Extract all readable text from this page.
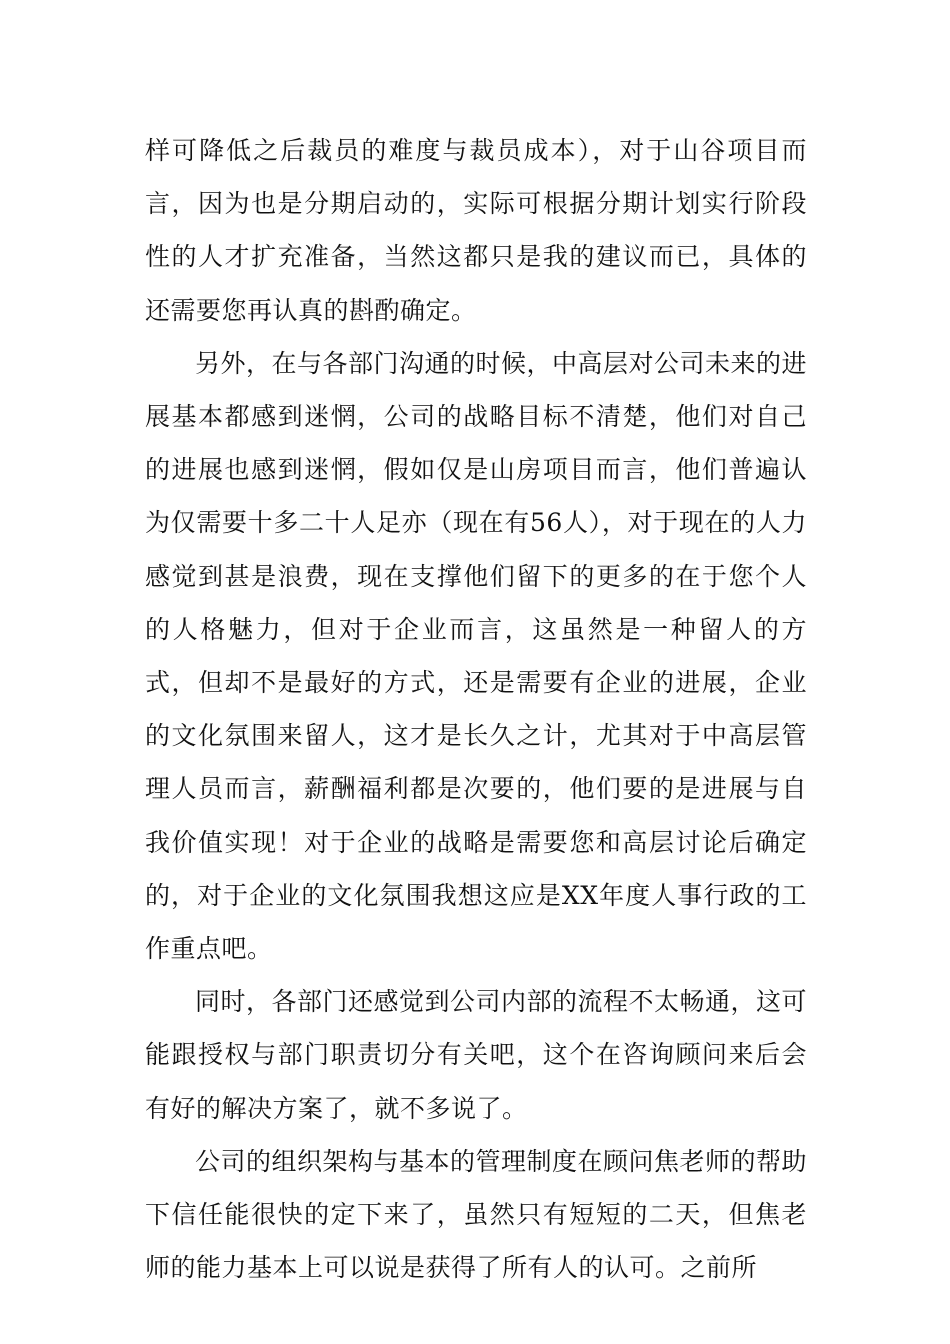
样可降低之后裁员的难度与裁员成本），对于山谷项目而言，因为也是分期启动的，实际可根据分期计划实行阶段性的人才扩充准备，当然这都只是我的建议而已，具体的还需要您再认真的斟酌确定。

另外，在与各部门沟通的时候，中高层对公司未来的进展基本都感到迷惘，公司的战略目标不清楚，他们对自己的进展也感到迷惘，假如仅是山房项目而言，他们普遍认为仅需要十多二十人足亦（现在有56人），对于现在的人力感觉到甚是浪费，现在支撑他们留下的更多的在于您个人的人格魅力，但对于企业而言，这虽然是一种留人的方式，但却不是最好的方式，还是需要有企业的进展，企业的文化氛围来留人，这才是长久之计，尤其对于中高层管理人员而言，薪酬福利都是次要的，他们要的是进展与自我价值实现！对于企业的战略是需要您和高层讨论后确定的，对于企业的文化氛围我想这应是XX年度人事行政的工作重点吧。

同时，各部门还感觉到公司内部的流程不太畅通，这可能跟授权与部门职责切分有关吧，这个在咨询顾问来后会有好的解决方案了，就不多说了。

公司的组织架构与基本的管理制度在顾问焦老师的帮助下信任能很快的定下来了，虽然只有短短的二天，但焦老师的能力基本上可以说是获得了所有人的认可。之前所
